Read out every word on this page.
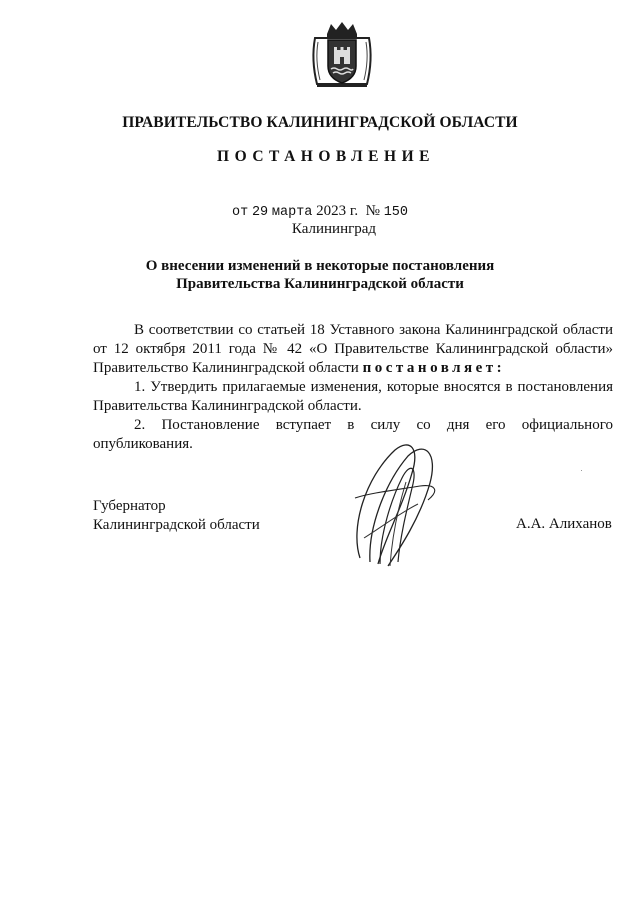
ПРАВИТЕЛЬСТВО КАЛИНИНГРАДСКОЙ ОБЛАСТИ
ПОСТАНОВЛЕНИЕ
от 29 марта 2023 г. № 150
Калининград
О внесении изменений в некоторые постановления
Правительства Калининградской области

В соответствии со статьей 18 Уставного закона Калининградской области от 12 октября 2011 года № 42 «О Правительстве Калининградской области» Правительство Калининградской области постановляет:

1. Утвердить прилагаемые изменения, которые вносятся в постановления Правительства Калининградской области.

2. Постановление вступает в силу со дня его официального опубликования.

Губернатор
Калининградской области	А.А. Алиханов
